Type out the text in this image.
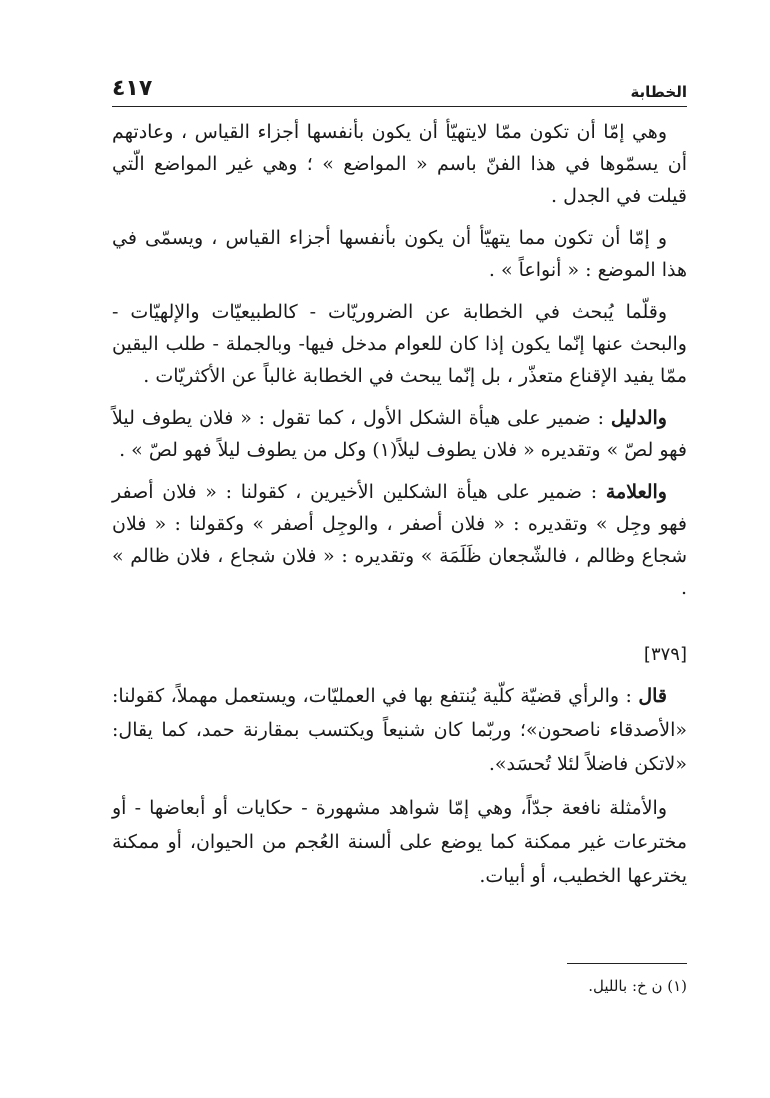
٤١٧	الخطابة

وهي إمّا أن تكون ممّا لايتهيّأ أن يكون بأنفسها أجزاء القياس ، وعادتهم أن يسمّوها في هذا الفنّ باسم « المواضع » ؛ وهي غير المواضع الّتي قيلت في الجدل .

و إمّا أن تكون مما يتهيّأ أن يكون بأنفسها أجزاء القياس ، ويسمّى في هذا الموضع : « أنواعاً » .

وقلّما يُبحث في الخطابة عن الضروريّات - كالطبيعيّات والإلهيّات - والبحث عنها إنّما يكون إذا كان للعوام مدخل فيها- وبالجملة - طلب اليقين ممّا يفيد الإقناع متعذّر ، بل إنّما يبحث في الخطابة غالباً عن الأكثريّات .

والدليل : ضمير على هيأة الشكل الأول ، كما تقول : « فلان يطوف ليلاً فهو لصّ » وتقديره « فلان يطوف ليلاً(١) وكل من يطوف ليلاً فهو لصّ » .

والعلامة : ضمير على هيأة الشكلين الأخيرين ، كقولنا : « فلان أصفر فهو وجِل » وتقديره : « فلان أصفر ، والوجِل أصفر » وكقولنا : « فلان شجاع وظالم ، فالشّجعان ظَلَمَة » وتقديره : « فلان شجاع ، فلان ظالم » .

[٣٧٩]

قال : والرأي قضيّة كلّية يُنتفع بها في العمليّات، ويستعمل مهملاً، كقولنا: «الأصدقاء ناصحون»؛ وربّما كان شنيعاً ويكتسب بمقارنة حمد، كما يقال: «لاتكن فاضلاً لئلا تُحسَد».

والأمثلة نافعة جدّاً، وهي إمّا شواهد مشهورة - حكايات أو أبعاضها - أو مخترعات غير ممكنة كما يوضع على ألسنة العُجم من الحيوان، أو ممكنة يخترعها الخطيب، أو أبيات.

(١) ن خ: بالليل.
